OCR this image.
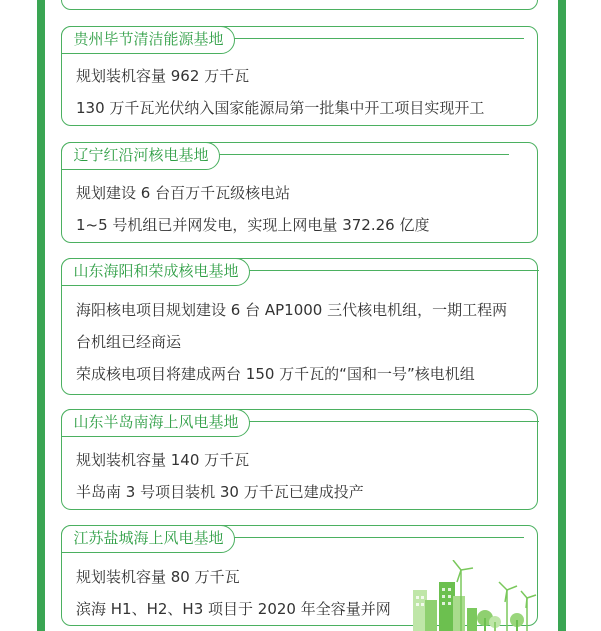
贵州毕节清洁能源基地
规划装机容量 962 万千瓦
130 万千瓦光伏纳入国家能源局第一批集中开工项目实现开工
辽宁红沿河核电基地
规划建设 6 台百万千瓦级核电站
1~5 号机组已并网发电，实现上网电量 372.26 亿度
山东海阳和荣成核电基地
海阳核电项目规划建设 6 台 AP1000 三代核电机组，一期工程两
台机组已经商运
荣成核电项目将建成两台 150 万千瓦的“国和一号”核电机组
山东半岛南海上风电基地
规划装机容量 140 万千瓦
半岛南 3 号项目装机 30 万千瓦已建成投产
江苏盐城海上风电基地
规划装机容量 80 万千瓦
滨海 H1、H2、H3 项目于 2020 年全容量并网
